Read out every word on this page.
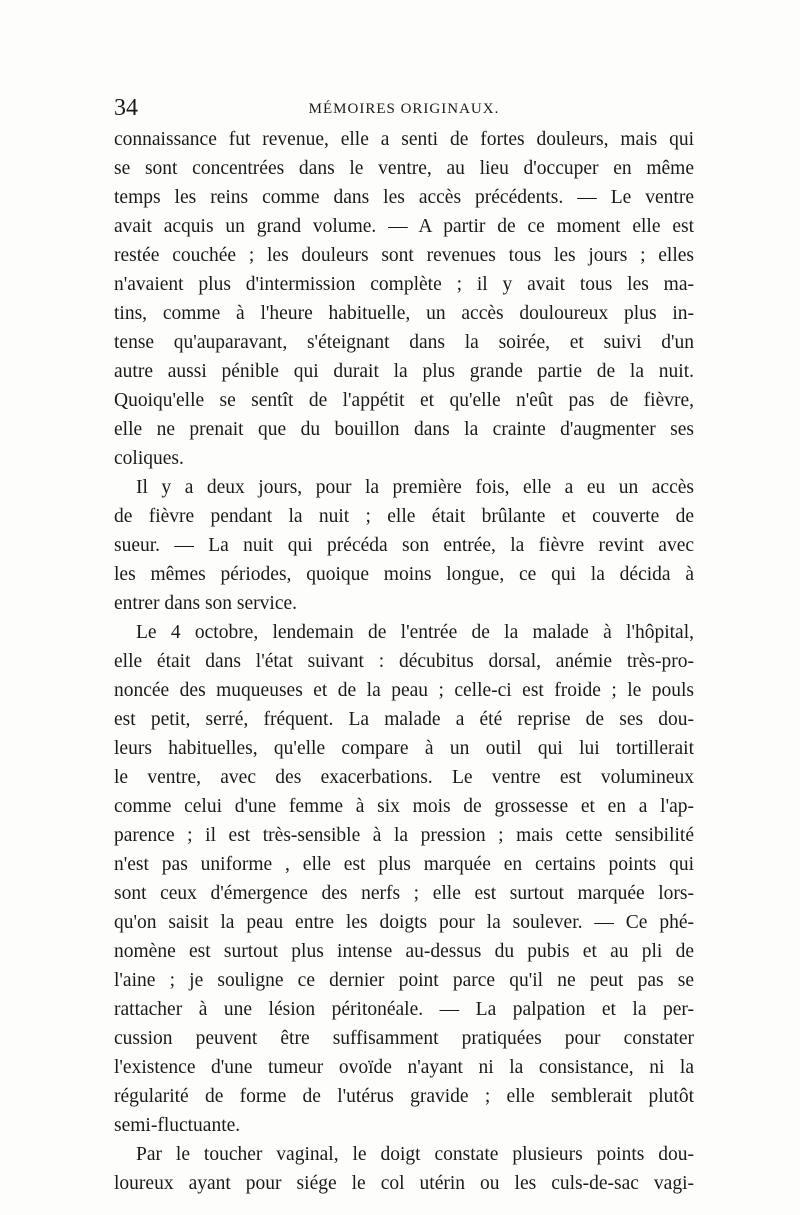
34	MÉMOIRES ORIGINAUX.
connaissance fut revenue, elle a senti de fortes douleurs, mais qui
se sont concentrées dans le ventre, au lieu d'occuper en même
temps les reins comme dans les accès précédents. — Le ventre
avait acquis un grand volume. — A partir de ce moment elle est
restée couchée ; les douleurs sont revenues tous les jours ; elles
n'avaient plus d'intermission complète ; il y avait tous les ma-
tins, comme à l'heure habituelle, un accès douloureux plus in-
tense qu'auparavant, s'éteignant dans la soirée, et suivi d'un
autre aussi pénible qui durait la plus grande partie de la nuit.
Quoiqu'elle se sentît de l'appétit et qu'elle n'eût pas de fièvre,
elle ne prenait que du bouillon dans la crainte d'augmenter ses
coliques.
Il y a deux jours, pour la première fois, elle a eu un accès
de fièvre pendant la nuit ; elle était brûlante et couverte de
sueur. — La nuit qui précéda son entrée, la fièvre revint avec
les mêmes périodes, quoique moins longue, ce qui la décida à
entrer dans son service.
Le 4 octobre, lendemain de l'entrée de la malade à l'hôpital,
elle était dans l'état suivant : décubitus dorsal, anémie très-pro-
noncée des muqueuses et de la peau ; celle-ci est froide ; le pouls
est petit, serré, fréquent. La malade a été reprise de ses dou-
leurs habituelles, qu'elle compare à un outil qui lui tortillerait
le ventre, avec des exacerbations. Le ventre est volumineux
comme celui d'une femme à six mois de grossesse et en a l'ap-
parence ; il est très-sensible à la pression ; mais cette sensibilité
n'est pas uniforme , elle est plus marquée en certains points qui
sont ceux d'émergence des nerfs ; elle est surtout marquée lors-
qu'on saisit la peau entre les doigts pour la soulever. — Ce phé-
nomène est surtout plus intense au-dessus du pubis et au pli de
l'aine ; je souligne ce dernier point parce qu'il ne peut pas se
rattacher à une lésion péritonéale. — La palpation et la per-
cussion peuvent être suffisamment pratiquées pour constater
l'existence d'une tumeur ovoïde n'ayant ni la consistance, ni la
régularité de forme de l'utérus gravide ; elle semblerait plutôt
semi-fluctuante.
Par le toucher vaginal, le doigt constate plusieurs points dou-
loureux ayant pour siége le col utérin ou les culs-de-sac vagi-
